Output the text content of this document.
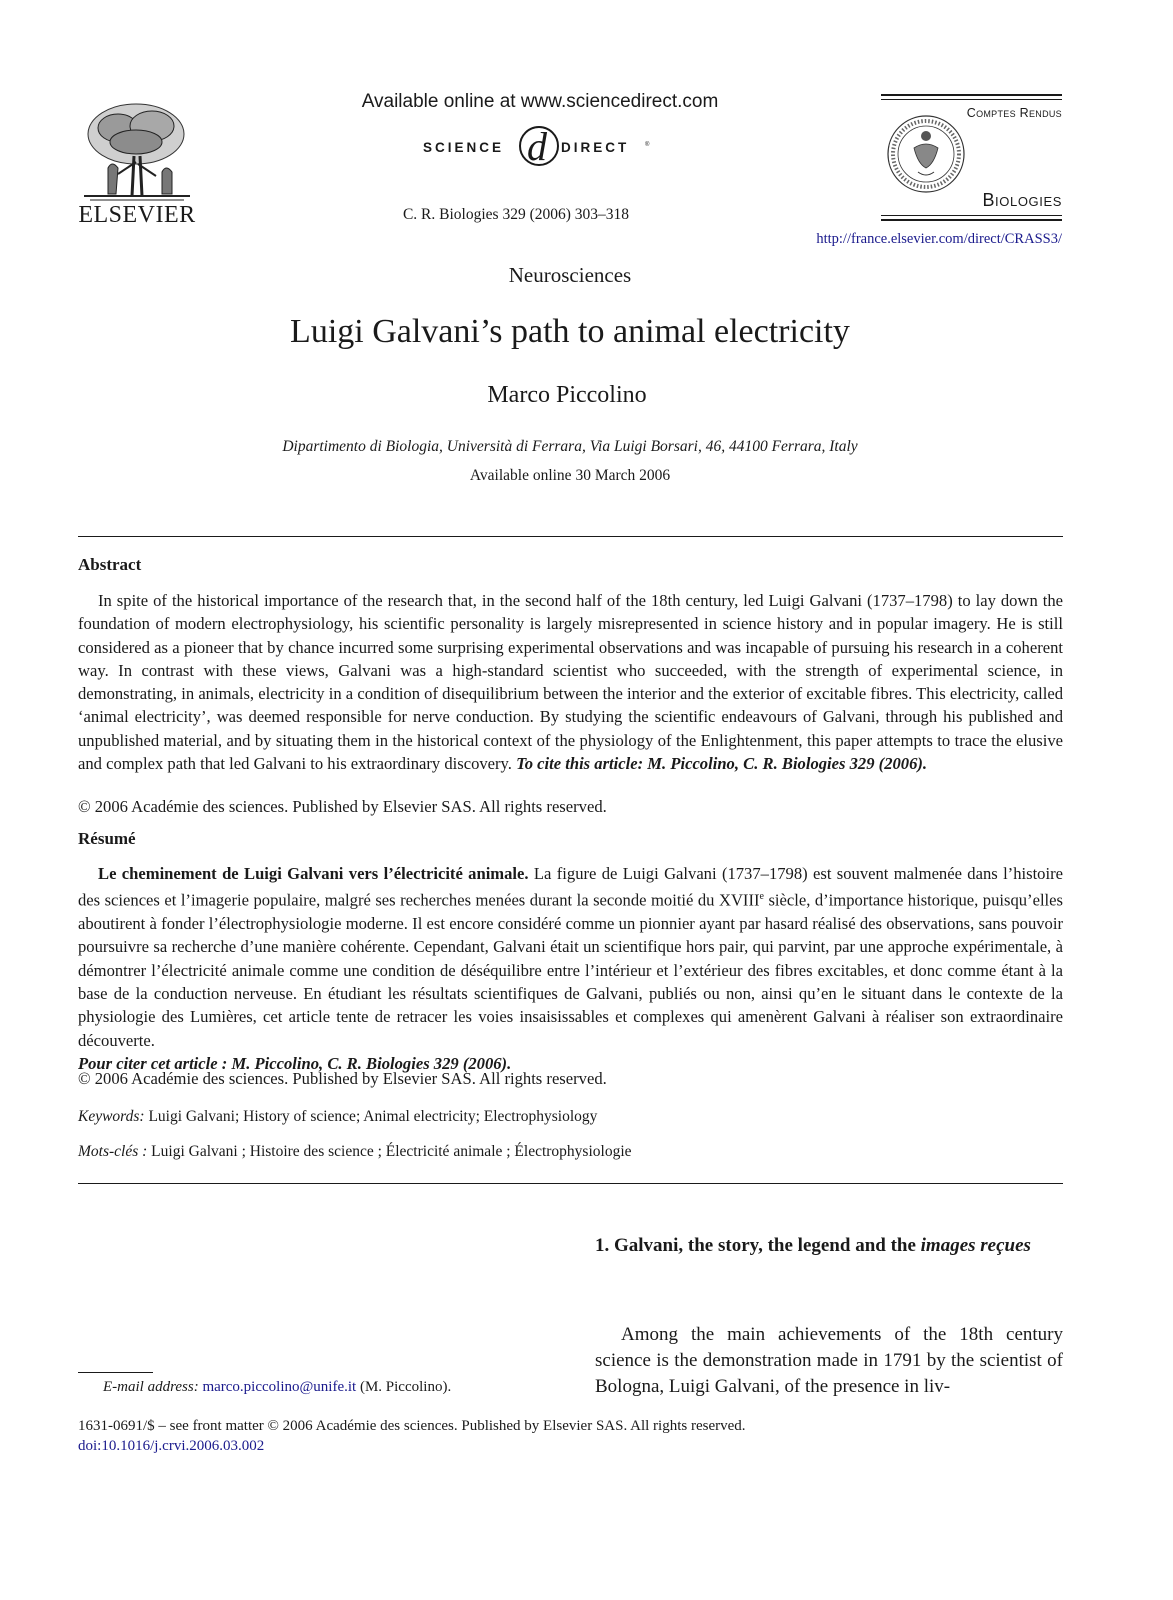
ELSEVIER
Available online at www.sciencedirect.com
SCIENCE d DIRECT	®
C. R. Biologies 329 (2006) 303–318
Comptes Rendus
Biologies
http://france.elsevier.com/direct/CRASS3/
Neurosciences
Luigi Galvani’s path to animal electricity
Marco Piccolino
Dipartimento di Biologia, Università di Ferrara, Via Luigi Borsari, 46, 44100 Ferrara, Italy
Available online 30 March 2006
Abstract
In spite of the historical importance of the research that, in the second half of the 18th century, led Luigi Galvani (1737–1798) to lay down the foundation of modern electrophysiology, his scientific personality is largely misrepresented in science history and in popular imagery. He is still considered as a pioneer that by chance incurred some surprising experimental observations and was incapable of pursuing his research in a coherent way. In contrast with these views, Galvani was a high-standard scientist who succeeded, with the strength of experimental science, in demonstrating, in animals, electricity in a condition of disequilibrium between the interior and the exterior of excitable fibres. This electricity, called ‘animal electricity’, was deemed responsible for nerve conduction. By studying the scientific endeavours of Galvani, through his published and unpublished material, and by situating them in the historical context of the physiology of the Enlightenment, this paper attempts to trace the elusive and complex path that led Galvani to his extraordinary discovery. To cite this article: M. Piccolino, C. R. Biologies 329 (2006).
© 2006 Académie des sciences. Published by Elsevier SAS. All rights reserved.
Résumé
Le cheminement de Luigi Galvani vers l’électricité animale. La figure de Luigi Galvani (1737–1798) est souvent malmenée dans l’histoire des sciences et l’imagerie populaire, malgré ses recherches menées durant la seconde moitié du XVIIIe siècle, d’importance historique, puisqu’elles aboutirent à fonder l’électrophysiologie moderne. Il est encore considéré comme un pionnier ayant par hasard réalisé des observations, sans pouvoir poursuivre sa recherche d’une manière cohérente. Cependant, Galvani était un scientifique hors pair, qui parvint, par une approche expérimentale, à démontrer l’électricité animale comme une condition de déséquilibre entre l’intérieur et l’extérieur des fibres excitables, et donc comme étant à la base de la conduction nerveuse. En étudiant les résultats scientifiques de Galvani, publiés ou non, ainsi qu’en le situant dans le contexte de la physiologie des Lumières, cet article tente de retracer les voies insaisissables et complexes qui amenèrent Galvani à réaliser son extraordinaire découverte.
Pour citer cet article : M. Piccolino, C. R. Biologies 329 (2006).
© 2006 Académie des sciences. Published by Elsevier SAS. All rights reserved.
Keywords: Luigi Galvani; History of science; Animal electricity; Electrophysiology
Mots-clés : Luigi Galvani ; Histoire des science ; Électricité animale ; Électrophysiologie
1. Galvani, the story, the legend and the images reçues
Among the main achievements of the 18th century science is the demonstration made in 1791 by the scientist of Bologna, Luigi Galvani, of the presence in liv-
E-mail address: marco.piccolino@unife.it (M. Piccolino).
1631-0691/$ – see front matter © 2006 Académie des sciences. Published by Elsevier SAS. All rights reserved.
doi:10.1016/j.crvi.2006.03.002
